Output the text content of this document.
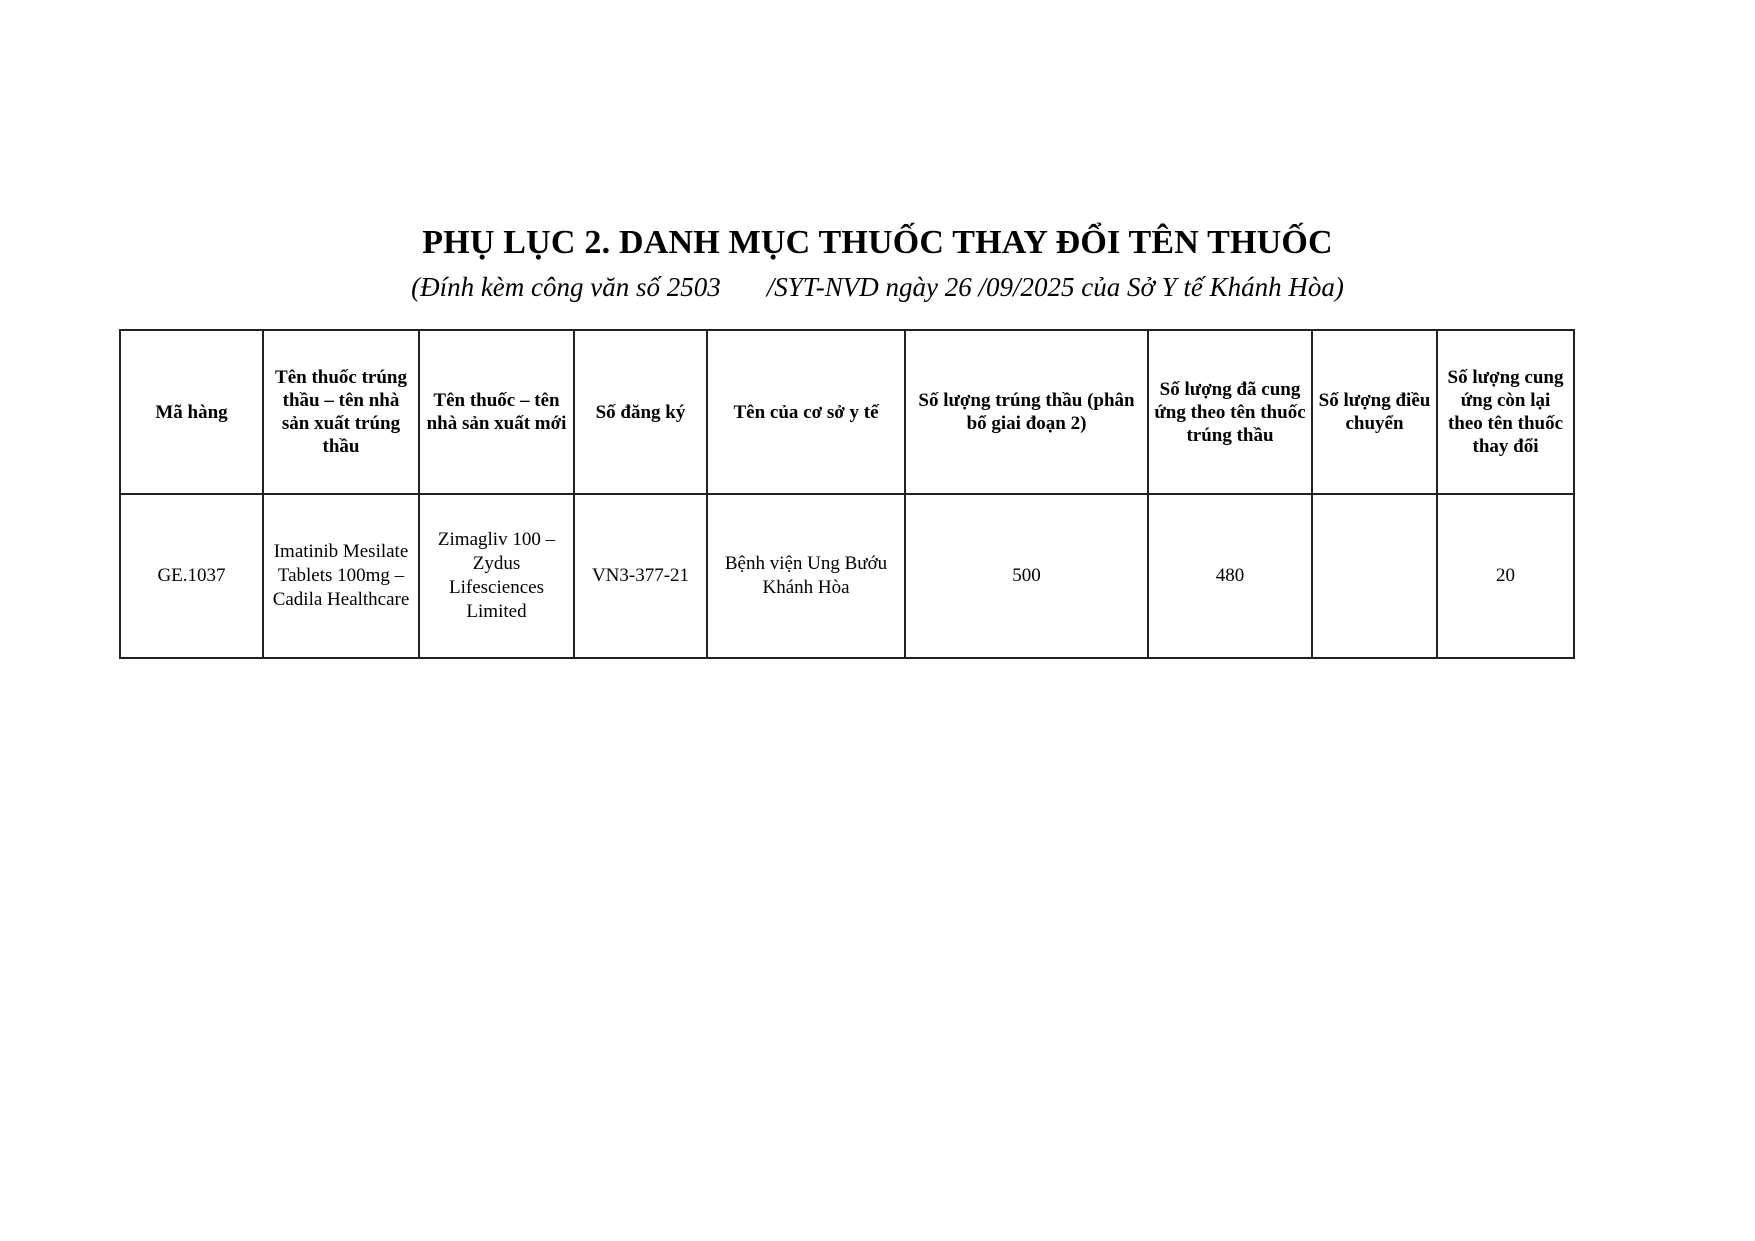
PHỤ LỤC 2. DANH MỤC THUỐC THAY ĐỔI TÊN THUỐC
(Đính kèm công văn số 2503 /SYT-NVD ngày 26 /09/2025 của Sở Y tế Khánh Hòa)
Mã hàng	Tên thuốc trúng thầu – tên nhà sản xuất trúng thầu	Tên thuốc – tên nhà sản xuất mới	Số đăng ký	Tên của cơ sở y tế	Số lượng trúng thầu (phân bổ giai đoạn 2)	Số lượng đã cung ứng theo tên thuốc trúng thầu	Số lượng điều chuyển	Số lượng cung ứng còn lại theo tên thuốc thay đổi
GE.1037	Imatinib Mesilate Tablets 100mg – Cadila Healthcare	Zimagliv 100 – Zydus Lifesciences Limited	VN3-377-21	Bệnh viện Ung Bướu Khánh Hòa	500	480		20
